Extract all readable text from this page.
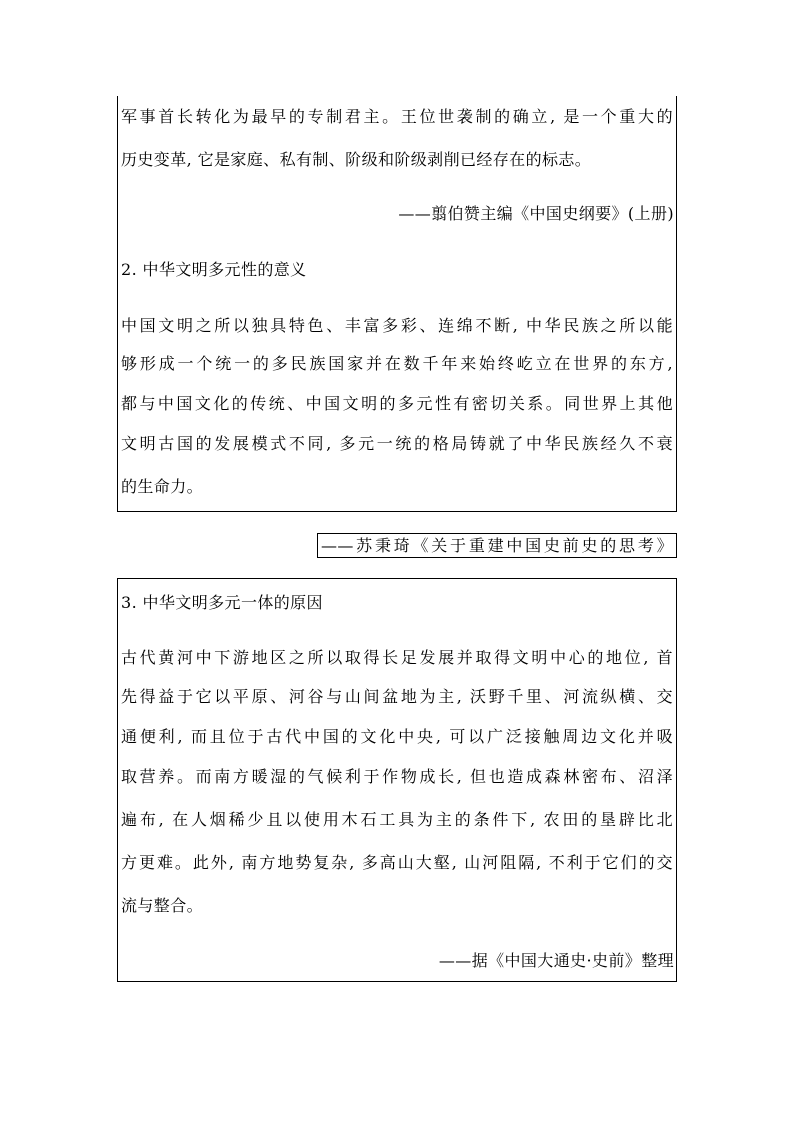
军事首长转化为最早的专制君主。王位世袭制的确立, 是一个重大的
历史变革, 它是家庭、私有制、阶级和阶级剥削已经存在的标志。
——翦伯赞主编《中国史纲要》(上册)
2. 中华文明多元性的意义
中国文明之所以独具特色、丰富多彩、连绵不断, 中华民族之所以能
够形成一个统一的多民族国家并在数千年来始终屹立在世界的东方,
都与中国文化的传统、中国文明的多元性有密切关系。同世界上其他
文明古国的发展模式不同, 多元一统的格局铸就了中华民族经久不衰
的生命力。
——苏秉琦《关于重建中国史前史的思考》
3. 中华文明多元一体的原因
古代黄河中下游地区之所以取得长足发展并取得文明中心的地位, 首
先得益于它以平原、河谷与山间盆地为主, 沃野千里、河流纵横、交
通便利, 而且位于古代中国的文化中央, 可以广泛接触周边文化并吸
取营养。而南方暖湿的气候利于作物成长, 但也造成森林密布、沼泽
遍布, 在人烟稀少且以使用木石工具为主的条件下, 农田的垦辟比北
方更难。此外, 南方地势复杂, 多高山大壑, 山河阻隔, 不利于它们的交
流与整合。
——据《中国大通史·史前》整理
